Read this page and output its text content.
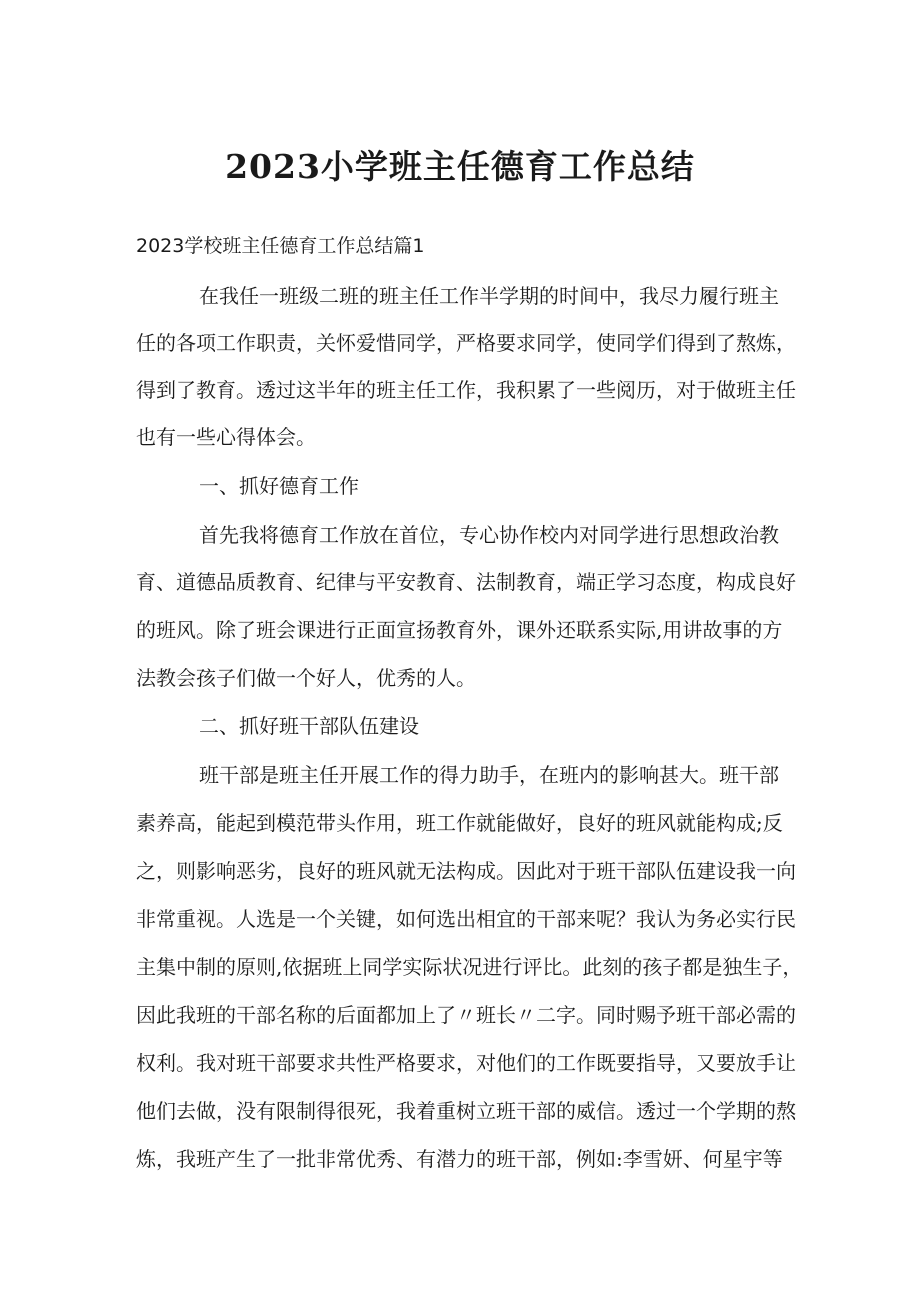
2023小学班主任德育工作总结

2023学校班主任德育工作总结篇1

在我任一班级二班的班主任工作半学期的时间中，我尽力履行班主

任的各项工作职责，关怀爱惜同学，严格要求同学，使同学们得到了熬炼，

得到了教育。透过这半年的班主任工作，我积累了一些阅历，对于做班主任

也有一些心得体会。

一、抓好德育工作

首先我将德育工作放在首位，专心协作校内对同学进行思想政治教

育、道德品质教育、纪律与平安教育、法制教育，端正学习态度，构成良好

的班风。除了班会课进行正面宣扬教育外，课外还联系实际,用讲故事的方

法教会孩子们做一个好人，优秀的人。

二、抓好班干部队伍建设

班干部是班主任开展工作的得力助手，在班内的影响甚大。班干部

素养高，能起到模范带头作用，班工作就能做好，良好的班风就能构成;反

之，则影响恶劣，良好的班风就无法构成。因此对于班干部队伍建设我一向

非常重视。人选是一个关键，如何选出相宜的干部来呢？我认为务必实行民

主集中制的原则,依据班上同学实际状况进行评比。此刻的孩子都是独生子，

因此我班的干部名称的后面都加上了〃班长〃二字。同时赐予班干部必需的

权利。我对班干部要求共性严格要求，对他们的工作既要指导，又要放手让

他们去做，没有限制得很死，我着重树立班干部的威信。透过一个学期的熬

炼，我班产生了一批非常优秀、有潜力的班干部，例如:李雪妍、何星宇等
